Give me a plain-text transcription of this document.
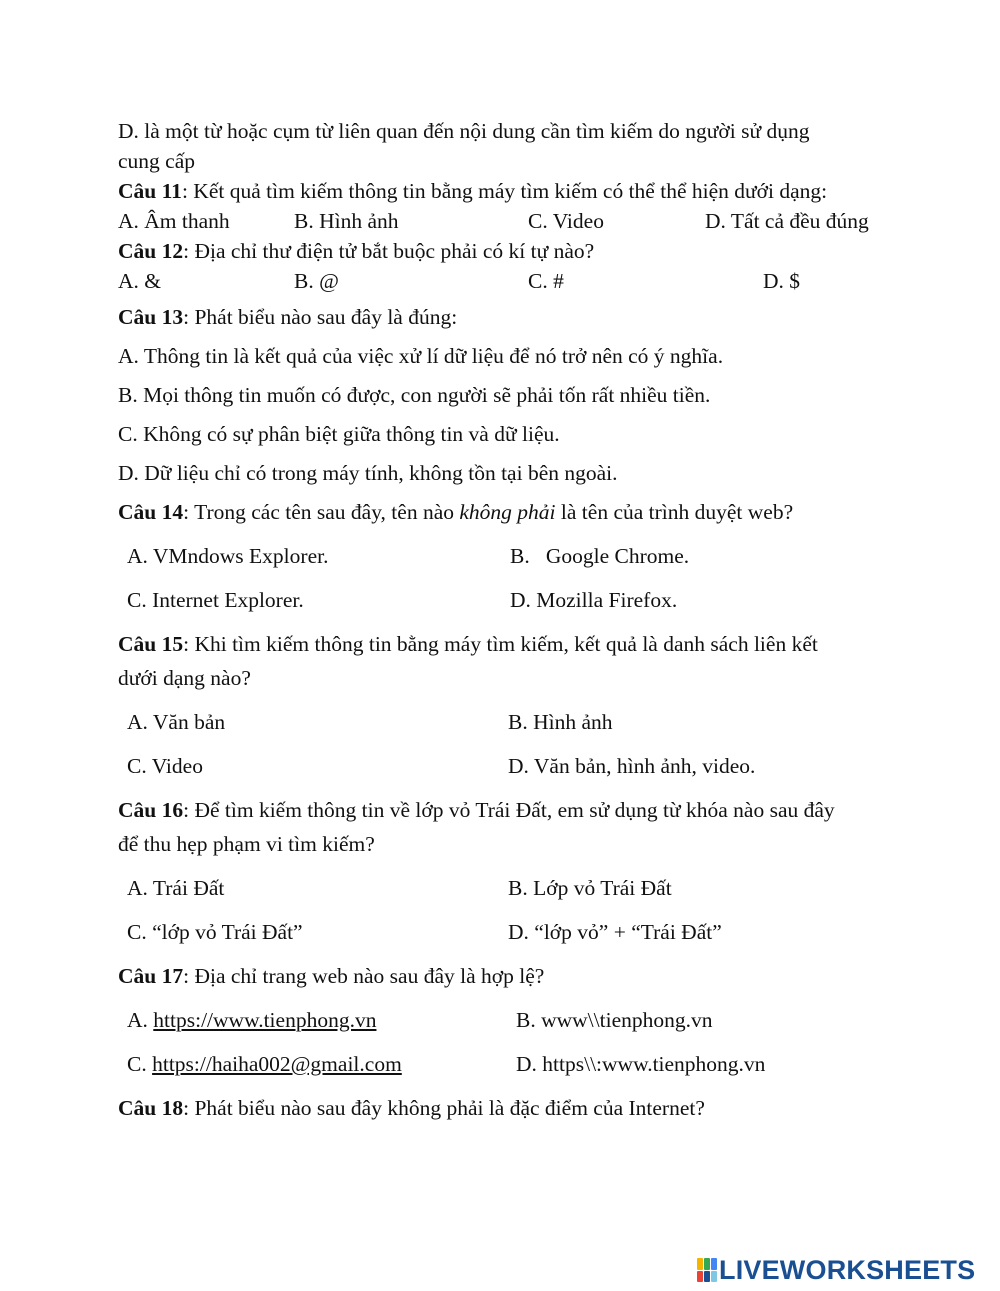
D. là một từ hoặc cụm từ liên quan đến nội dung cần tìm kiếm do người sử dụng
cung cấp
Câu 11: Kết quả tìm kiếm thông tin bằng máy tìm kiếm có thể thể hiện dưới dạng:
A. Âm thanh	B. Hình ảnh	C. Video	D. Tất cả đều đúng
Câu 12: Địa chỉ thư điện tử bắt buộc phải có kí tự nào?
A. &	B. @	C. #	D. $
Câu 13: Phát biểu nào sau đây là đúng:
A. Thông tin là kết quả của việc xử lí dữ liệu để nó trở nên có ý nghĩa.
B. Mọi thông tin muốn có được, con người sẽ phải tốn rất nhiều tiền.
C. Không có sự phân biệt giữa thông tin và dữ liệu.
D. Dữ liệu chỉ có trong máy tính, không tồn tại bên ngoài.
Câu 14: Trong các tên sau đây, tên nào không phải là tên của trình duyệt web?
A. VMndows Explorer.	B.   Google Chrome.
C. Internet Explorer.	D. Mozilla Firefox.
Câu 15: Khi tìm kiếm thông tin bằng máy tìm kiếm, kết quả là danh sách liên kết
dưới dạng nào?
A. Văn bản	B. Hình ảnh
C. Video	D. Văn bản, hình ảnh, video.
Câu 16: Để tìm kiếm thông tin về lớp vỏ Trái Đất, em sử dụng từ khóa nào sau đây
để thu hẹp phạm vi tìm kiếm?
A. Trái Đất	B. Lớp vỏ Trái Đất
C. “lớp vỏ Trái Đất”	D. “lớp vỏ” + “Trái Đất”
Câu 17: Địa chỉ trang web nào sau đây là hợp lệ?
A. https://www.tienphong.vn	B. www\\tienphong.vn
C. https://haiha002@gmail.com	D. https\\:www.tienphong.vn
Câu 18: Phát biểu nào sau đây không phải là đặc điểm của Internet?
LIVEWORKSHEETS
